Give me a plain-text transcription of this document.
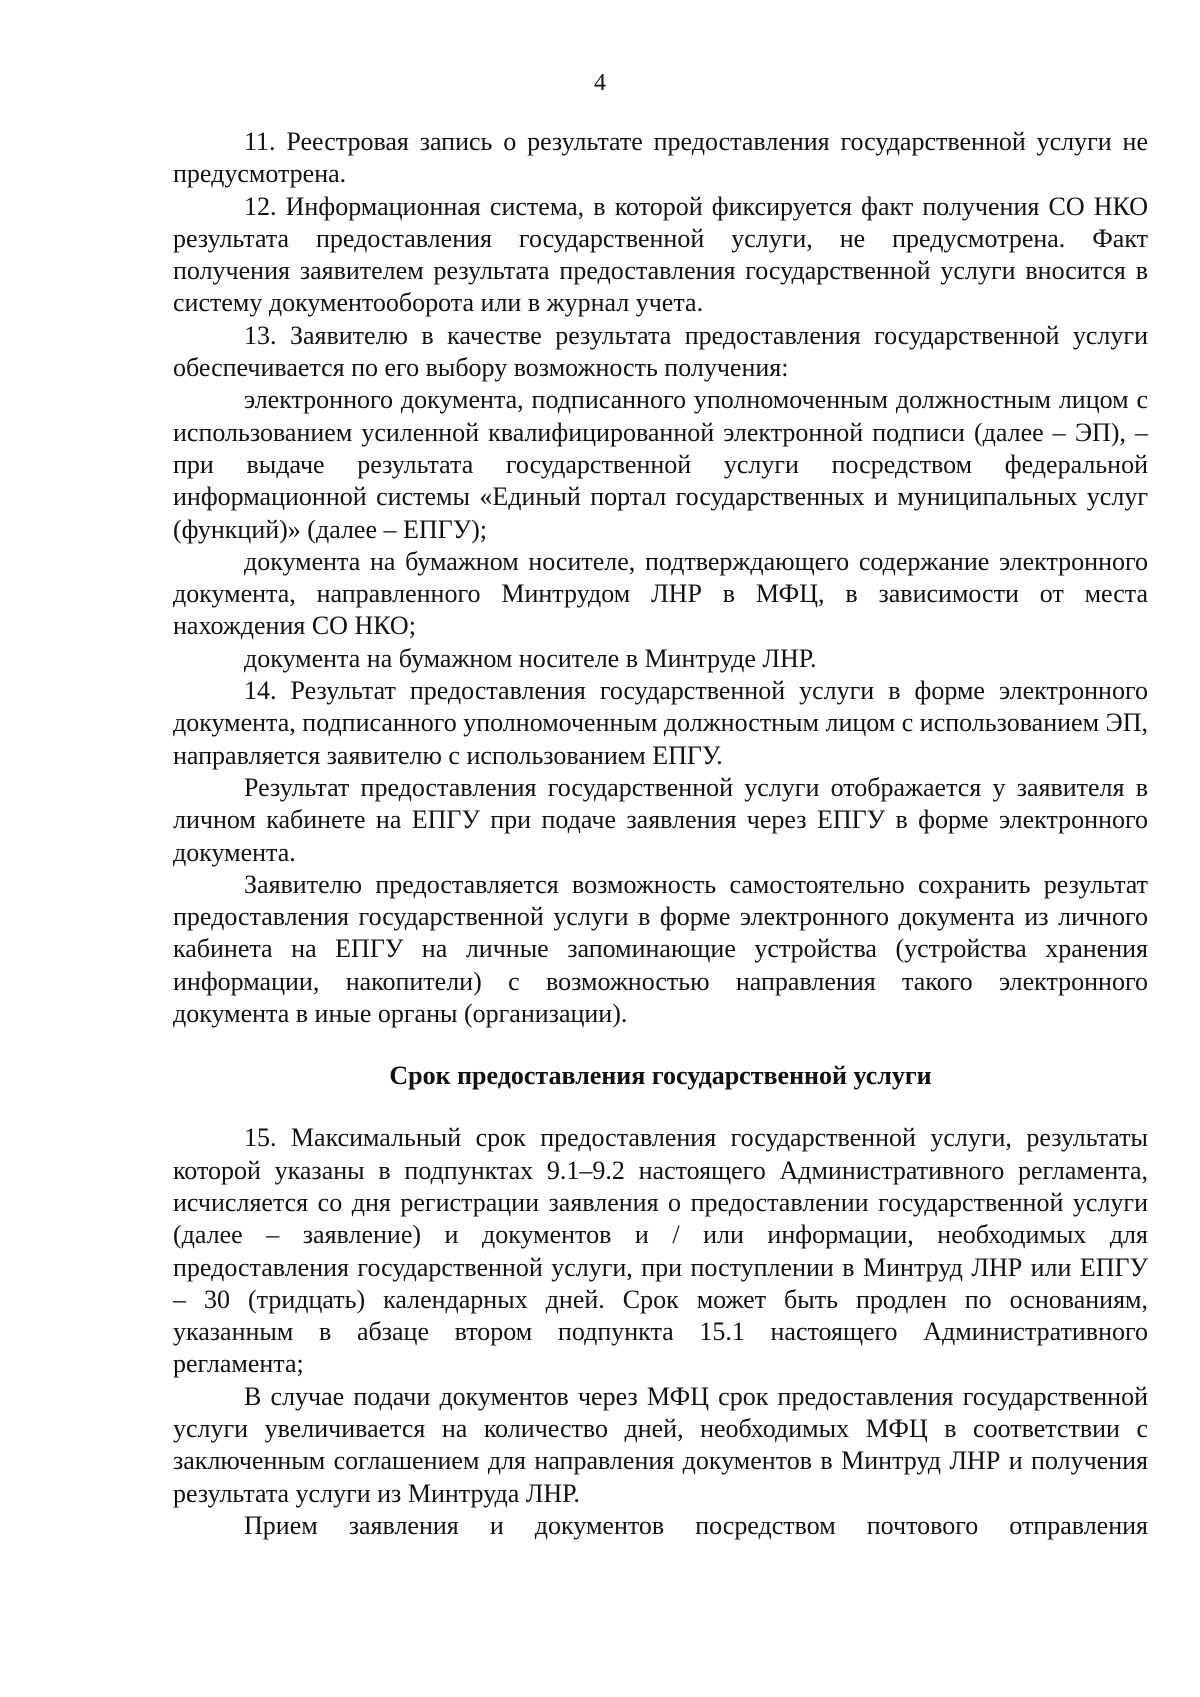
4

11. Реестровая запись о результате предоставления государственной услуги не предусмотрена.

12. Информационная система, в которой фиксируется факт получения СО НКО результата предоставления государственной услуги, не предусмотрена. Факт получения заявителем результата предоставления государственной услуги вносится в систему документооборота или в журнал учета.

13. Заявителю в качестве результата предоставления государственной услуги обеспечивается по его выбору возможность получения:

электронного документа, подписанного уполномоченным должностным лицом с использованием усиленной квалифицированной электронной подписи (далее – ЭП), – при выдаче результата государственной услуги посредством федеральной информационной системы «Единый портал государственных и муниципальных услуг (функций)» (далее – ЕПГУ);

документа на бумажном носителе, подтверждающего содержание электронного документа, направленного Минтрудом ЛНР в МФЦ, в зависимости от места нахождения СО НКО;

документа на бумажном носителе в Минтруде ЛНР.

14. Результат предоставления государственной услуги в форме электронного документа, подписанного уполномоченным должностным лицом с использованием ЭП, направляется заявителю с использованием ЕПГУ.

Результат предоставления государственной услуги отображается у заявителя в личном кабинете на ЕПГУ при подаче заявления через ЕПГУ в форме электронного документа.

Заявителю предоставляется возможность самостоятельно сохранить результат предоставления государственной услуги в форме электронного документа из личного кабинета на ЕПГУ на личные запоминающие устройства (устройства хранения информации, накопители) с возможностью направления такого электронного документа в иные органы (организации).

Срок предоставления государственной услуги

15. Максимальный срок предоставления государственной услуги, результаты которой указаны в подпунктах 9.1–9.2 настоящего Административного регламента, исчисляется со дня регистрации заявления о предоставлении государственной услуги (далее – заявление) и документов и / или информации, необходимых для предоставления государственной услуги, при поступлении в Минтруд ЛНР или ЕПГУ – 30 (тридцать) календарных дней. Срок может быть продлен по основаниям, указанным в абзаце втором подпункта 15.1 настоящего Административного регламента;

В случае подачи документов через МФЦ срок предоставления государственной услуги увеличивается на количество дней, необходимых МФЦ в соответствии с заключенным соглашением для направления документов в Минтруд ЛНР и получения результата услуги из Минтруда ЛНР.

Прием заявления и документов посредством почтового отправления
